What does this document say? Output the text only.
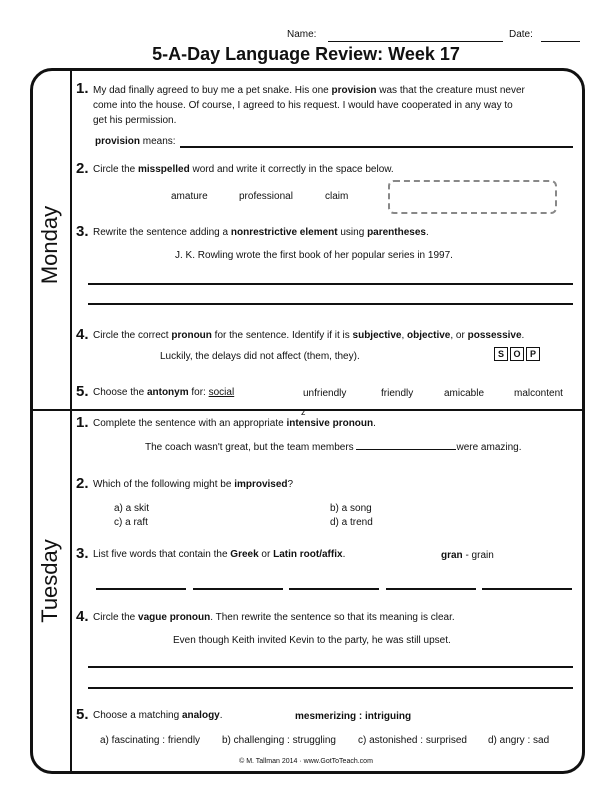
Name:	Date:
5-A-Day Language Review: Week 17
Monday
Tuesday
1. My dad finally agreed to buy me a pet snake. His one provision was that the creature must never
come into the house. Of course, I agreed to his request. I would have cooperated in any way to
get his permission.
provision means:
2. Circle the misspelled word and write it correctly in the space below.
amature	professional	claim
3. Rewrite the sentence adding a nonrestrictive element using parentheses.
J. K. Rowling wrote the first book of her popular series in 1997.
4. Circle the correct pronoun for the sentence. Identify if it is subjective, objective, or possessive.
Luckily, the delays did not affect (them, they).	S O P
5. Choose the antonym for: social	unfriendly	friendly	amicable	malcontent
1.
z
Complete the sentence with an appropriate intensive pronoun.
The coach wasn't great, but the team members	were amazing.
2. Which of the following might be improvised?
a) a skit	b) a song
c) a raft	d) a trend
3. List five words that contain the Greek or Latin root/affix.	gran - grain
4. Circle the vague pronoun. Then rewrite the sentence so that its meaning is clear.
Even though Keith invited Kevin to the party, he was still upset.
5. Choose a matching analogy.	mesmerizing : intriguing
a) fascinating : friendly b) challenging : struggling c) astonished : surprised d) angry : sad
© M. Tallman 2014 · www.GotToTeach.com
